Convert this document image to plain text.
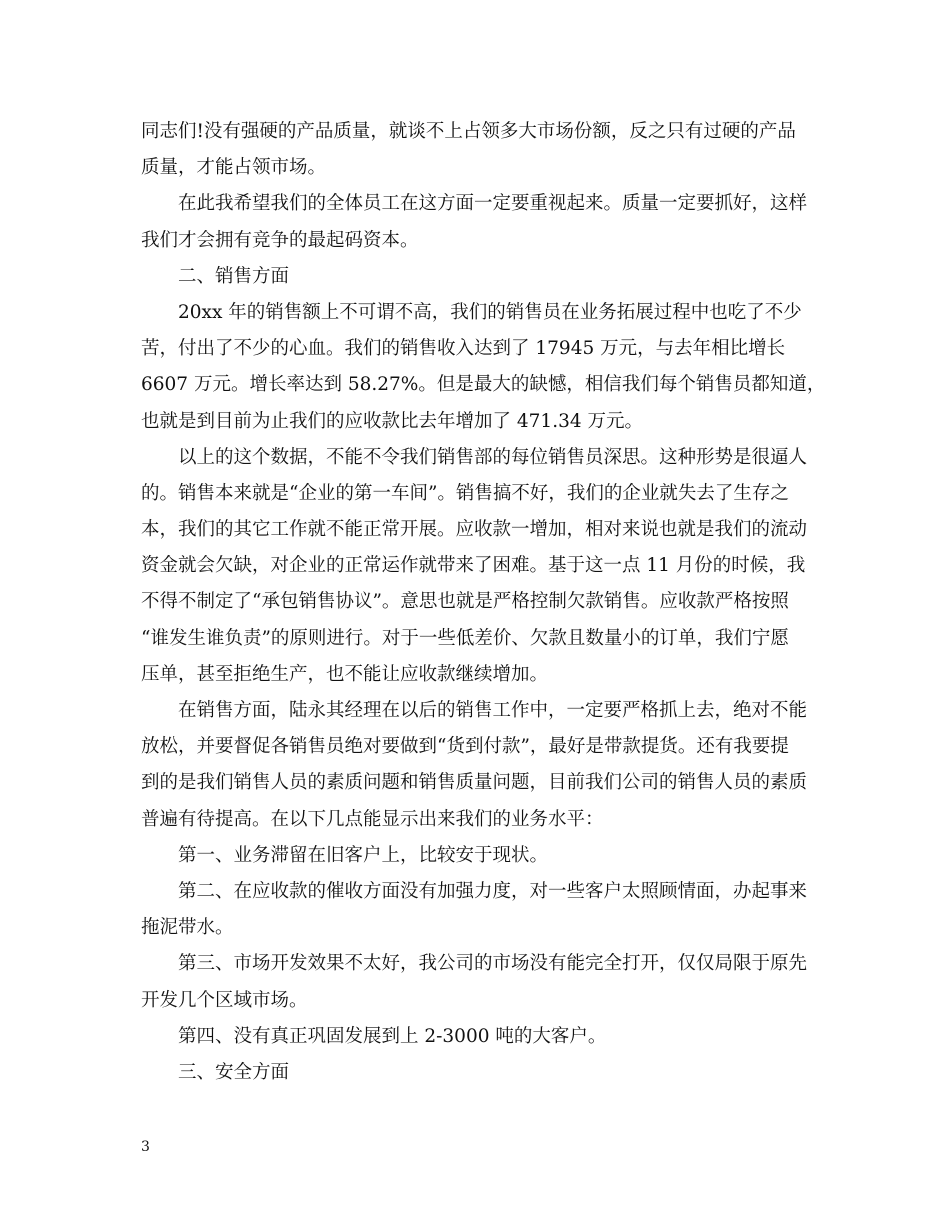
同志们!没有强硬的产品质量，就谈不上占领多大市场份额，反之只有过硬的产品
质量，才能占领市场。

在此我希望我们的全体员工在这方面一定要重视起来。质量一定要抓好，这样
我们才会拥有竞争的最起码资本。

二、销售方面

20xx 年的销售额上不可谓不高，我们的销售员在业务拓展过程中也吃了不少
苦，付出了不少的心血。我们的销售收入达到了 17945 万元，与去年相比增长
6607 万元。增长率达到 58.27%。但是最大的缺憾，相信我们每个销售员都知道，
也就是到目前为止我们的应收款比去年增加了 471.34 万元。

以上的这个数据，不能不令我们销售部的每位销售员深思。这种形势是很逼人
的。销售本来就是“企业的第一车间”。销售搞不好，我们的企业就失去了生存之
本，我们的其它工作就不能正常开展。应收款一增加，相对来说也就是我们的流动
资金就会欠缺，对企业的正常运作就带来了困难。基于这一点 11 月份的时候，我
不得不制定了“承包销售协议”。意思也就是严格控制欠款销售。应收款严格按照
“谁发生谁负责”的原则进行。对于一些低差价、欠款且数量小的订单，我们宁愿
压单，甚至拒绝生产，也不能让应收款继续增加。

在销售方面，陆永其经理在以后的销售工作中，一定要严格抓上去，绝对不能
放松，并要督促各销售员绝对要做到“货到付款”，最好是带款提货。还有我要提
到的是我们销售人员的素质问题和销售质量问题，目前我们公司的销售人员的素质
普遍有待提高。在以下几点能显示出来我们的业务水平：

第一、业务滞留在旧客户上，比较安于现状。

第二、在应收款的催收方面没有加强力度，对一些客户太照顾情面，办起事来
拖泥带水。

第三、市场开发效果不太好，我公司的市场没有能完全打开，仅仅局限于原先
开发几个区域市场。

第四、没有真正巩固发展到上 2-3000 吨的大客户。

三、安全方面

3
